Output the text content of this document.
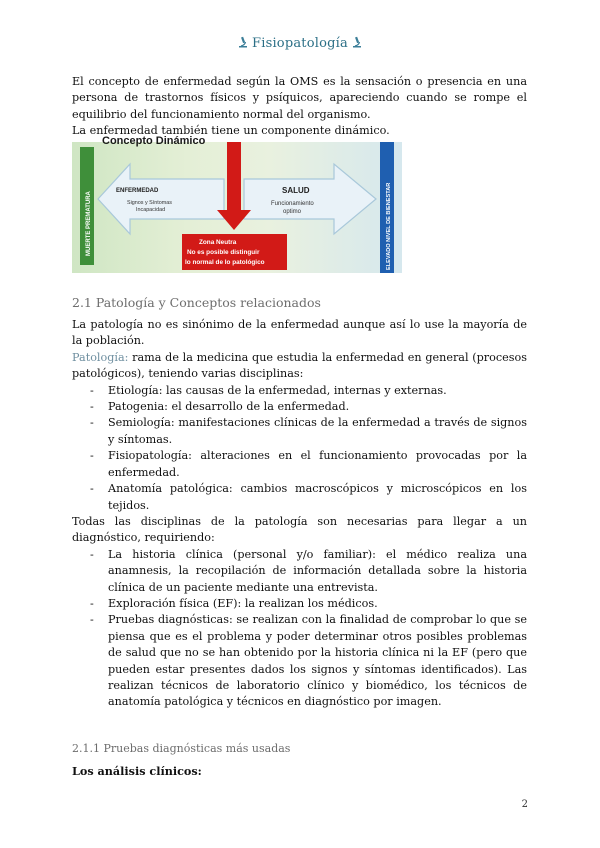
Fisiopatología

El concepto de enfermedad según la OMS es la sensación o presencia en una persona de trastornos físicos y psíquicos, apareciendo cuando se rompe el equilibrio del funcionamiento normal del organismo.

La enfermedad también tiene un componente dinámico.

Concepto Dinámico
MUERTE PREMATURA	ELEVADO NIVEL DE BIENESTAR
ENFERMEDAD
Signos y Síntomas
Incapacidad
SALUD
Funcionamiento
optimo
Zona Neutra
No es posible distinguir
lo normal de lo patológico
2.1 Patología y Conceptos relacionados

La patología no es sinónimo de la enfermedad aunque así lo use la mayoría de la población.

Patología: rama de la medicina que estudia la enfermedad en general (procesos patológicos), teniendo varias disciplinas:

- Etiología: las causas de la enfermedad, internas y externas.
- Patogenia: el desarrollo de la enfermedad.
- Semiología: manifestaciones clínicas de la enfermedad a través de signos y síntomas.
- Fisiopatología: alteraciones en el funcionamiento provocadas por la enfermedad.
- Anatomía patológica: cambios macroscópicos y microscópicos en los tejidos.

Todas las disciplinas de la patología son necesarias para llegar a un diagnóstico, requiriendo:

- La historia clínica (personal y/o familiar): el médico realiza una anamnesis, la recopilación de información detallada sobre la historia clínica de un paciente mediante una entrevista.
- Exploración física (EF): la realizan los médicos.
- Pruebas diagnósticas: se realizan con la finalidad de comprobar lo que se piensa que es el problema y poder determinar otros posibles problemas de salud que no se han obtenido por la historia clínica ni la EF (pero que pueden estar presentes dados los signos y síntomas identificados). Las realizan técnicos de laboratorio clínico y biomédico, los técnicos de anatomía patológica y técnicos en diagnóstico por imagen.
2.1.1 Pruebas diagnósticas más usadas
Los análisis clínicos:
2
